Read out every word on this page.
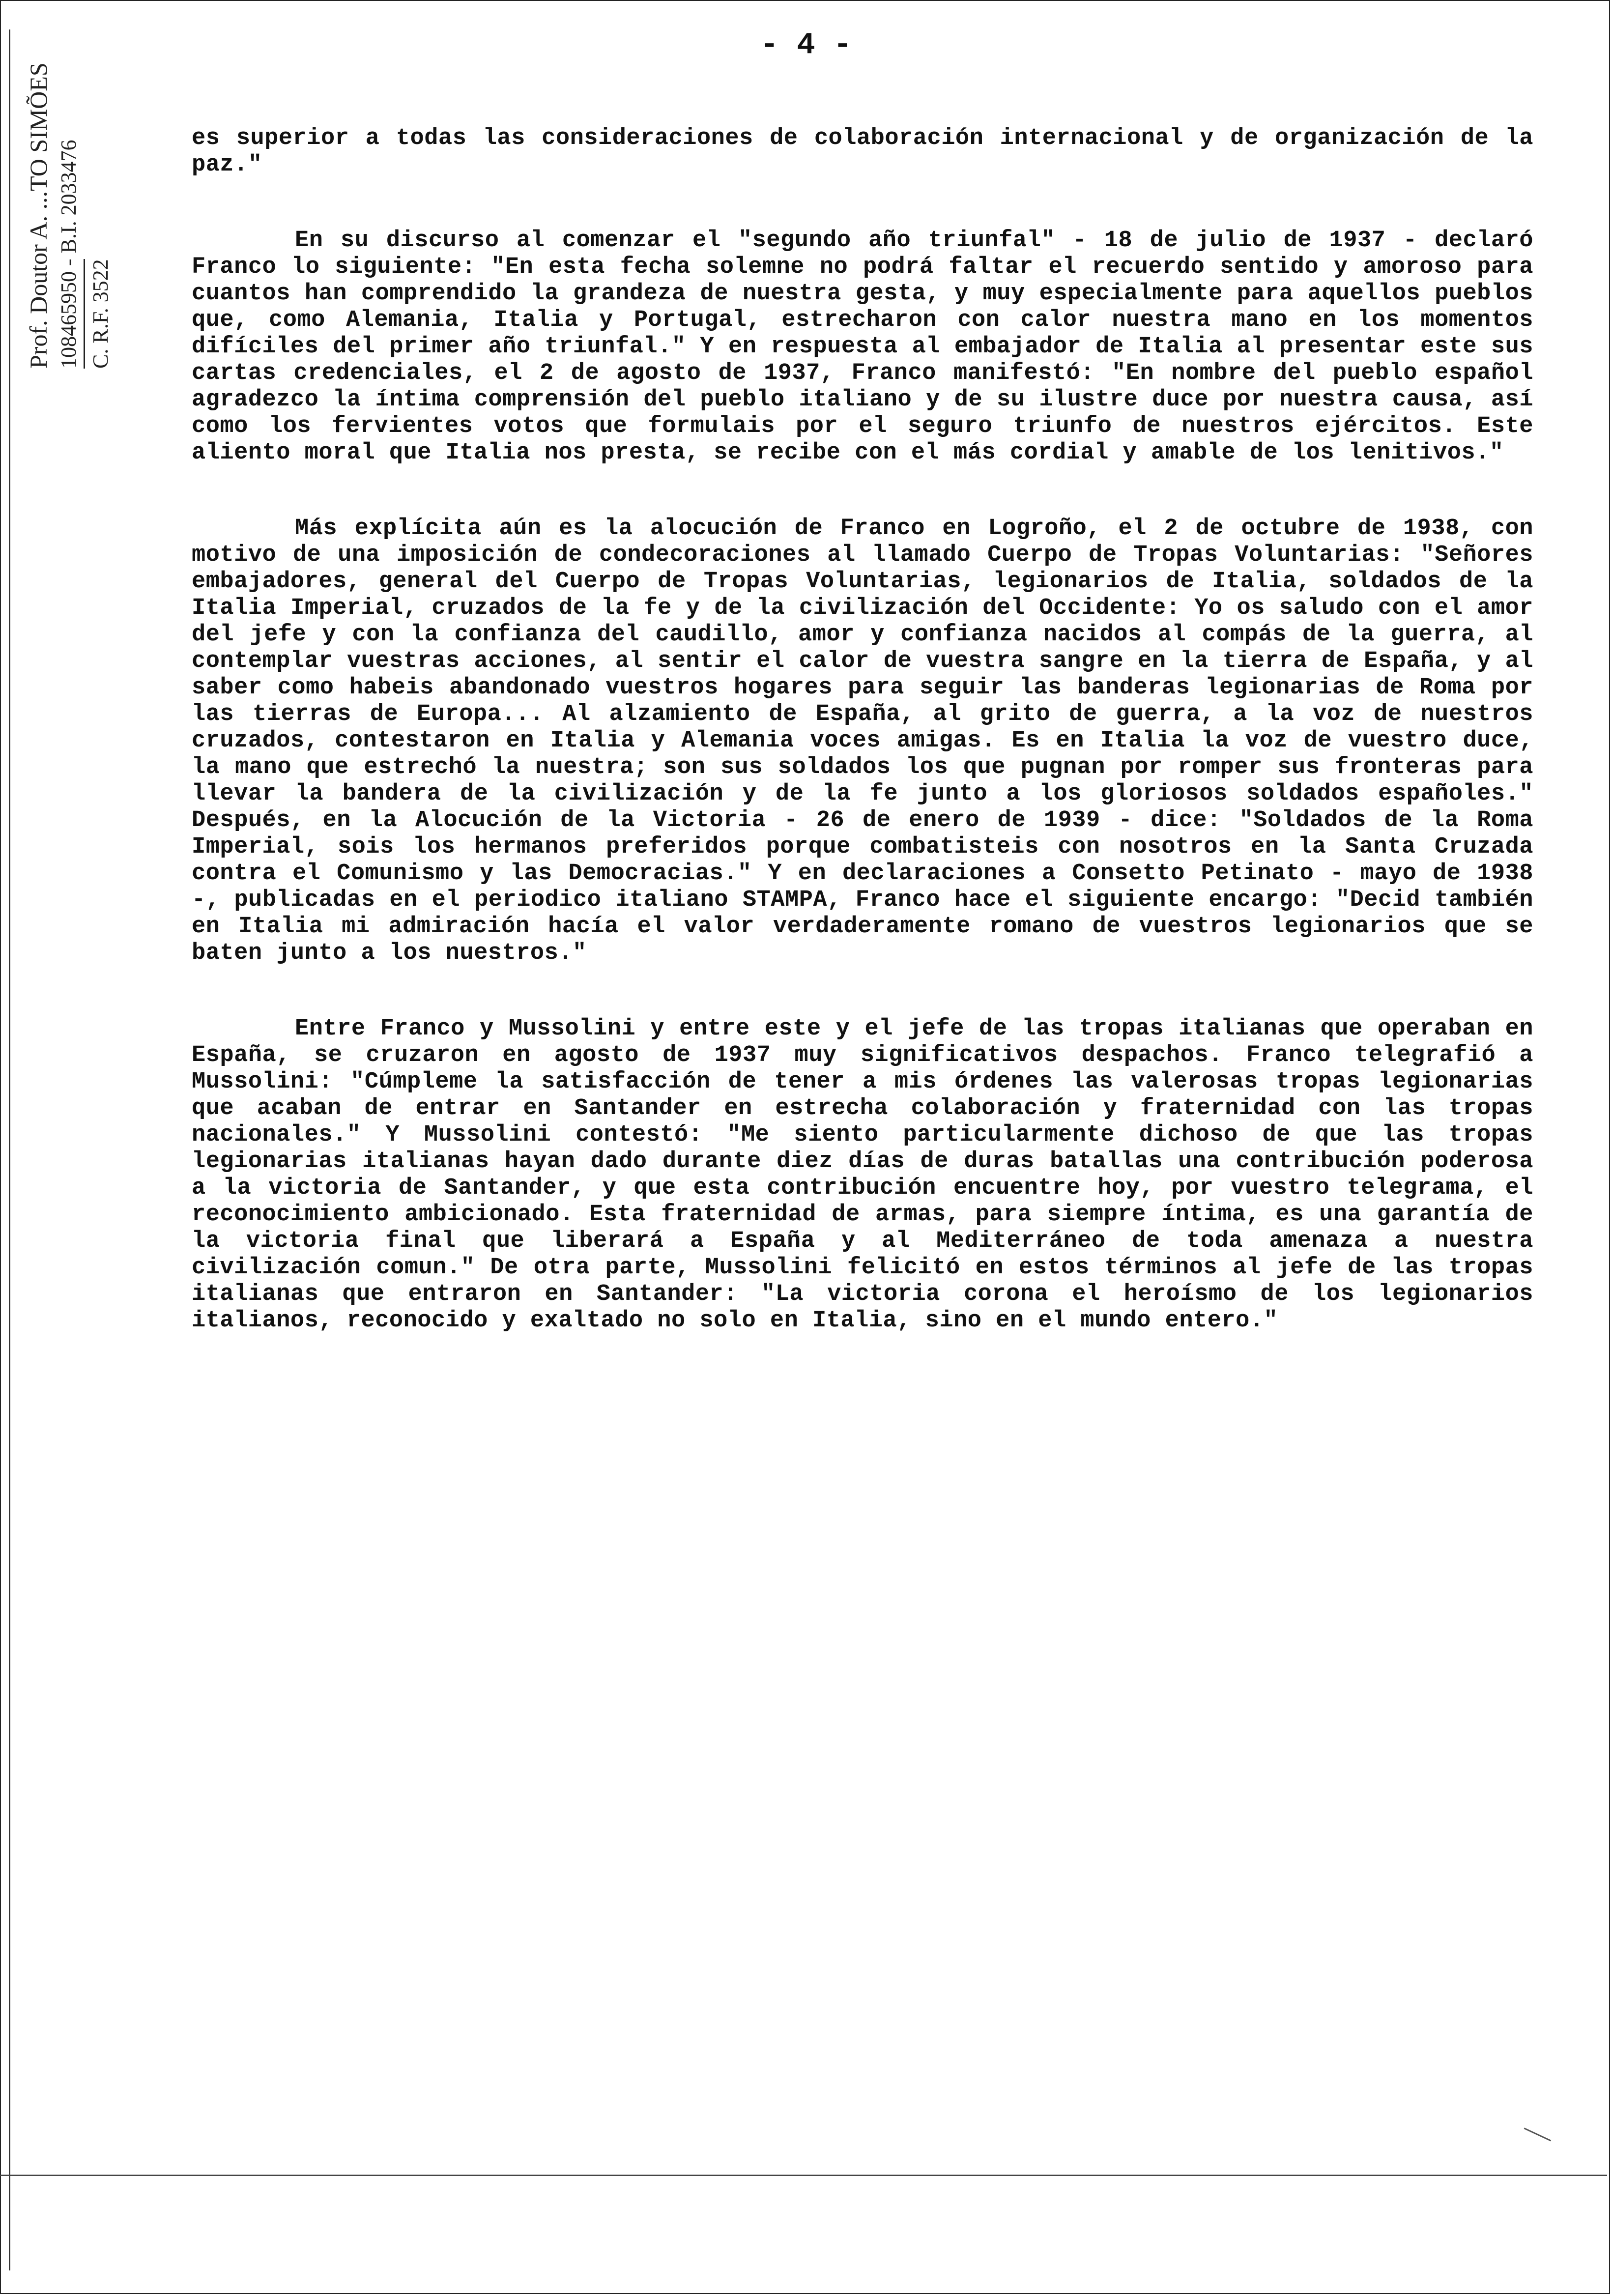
Prof. Doutor A. ...TO SIMÕES 108465950 - B.I. 2033476 C. R.F. 3522
- 4 -

es superior a todas las consideraciones de colaboración internacional y de organización de la paz."

En su discurso al comenzar el "segundo año triunfal" - 18 de julio de 1937 - declaró Franco lo siguiente: "En esta fecha solemne no podrá faltar el recuerdo sentido y amoroso para cuantos han comprendido la grandeza de nuestra gesta, y muy especialmente para aquellos pueblos que, como Alemania, Italia y Portugal, estrecharon con calor nuestra mano en los momentos difíciles del primer año triunfal." Y en respuesta al embajador de Italia al presentar este sus cartas credenciales, el 2 de agosto de 1937, Franco manifestó: "En nombre del pueblo español agradezco la íntima comprensión del pueblo italiano y de su ilustre duce por nuestra causa, así como los fervientes votos que formulais por el seguro triunfo de nuestros ejércitos. Este aliento moral que Italia nos presta, se recibe con el más cordial y amable de los lenitivos."

Más explícita aún es la alocución de Franco en Logroño, el 2 de octubre de 1938, con motivo de una imposición de condecoraciones al llamado Cuerpo de Tropas Voluntarias: "Señores embajadores, general del Cuerpo de Tropas Voluntarias, legionarios de Italia, soldados de la Italia Imperial, cruzados de la fe y de la civilización del Occidente: Yo os saludo con el amor del jefe y con la confianza del caudillo, amor y confianza nacidos al compás de la guerra, al contemplar vuestras acciones, al sentir el calor de vuestra sangre en la tierra de España, y al saber como habeis abandonado vuestros hogares para seguir las banderas legionarias de Roma por las tierras de Europa... Al alzamiento de España, al grito de guerra, a la voz de nuestros cruzados, contestaron en Italia y Alemania voces amigas. Es en Italia la voz de vuestro duce, la mano que estrechó la nuestra; son sus soldados los que pugnan por romper sus fronteras para llevar la bandera de la civilización y de la fe junto a los gloriosos soldados españoles." Después, en la Alocución de la Victoria - 26 de enero de 1939 - dice: "Soldados de la Roma Imperial, sois los hermanos preferidos porque combatisteis con nosotros en la Santa Cruzada contra el Comunismo y las Democracias." Y en declaraciones a Consetto Petinato - mayo de 1938 -, publicadas en el periodico italiano STAMPA, Franco hace el siguiente encargo: "Decid también en Italia mi admiración hacía el valor verdaderamente romano de vuestros legionarios que se baten junto a los nuestros."

Entre Franco y Mussolini y entre este y el jefe de las tropas italianas que operaban en España, se cruzaron en agosto de 1937 muy significativos despachos. Franco telegrafió a Mussolini: "Cúmpleme la satisfacción de tener a mis órdenes las valerosas tropas legionarias que acaban de entrar en Santander en estrecha colaboración y fraternidad con las tropas nacionales." Y Mussolini contestó: "Me siento particularmente dichoso de que las tropas legionarias italianas hayan dado durante diez días de duras batallas una contribución poderosa a la victoria de Santander, y que esta contribución encuentre hoy, por vuestro telegrama, el reconocimiento ambicionado. Esta fraternidad de armas, para siempre íntima, es una garantía de la victoria final que liberará a España y al Mediterráneo de toda amenaza a nuestra civilización comun." De otra parte, Mussolini felicitó en estos términos al jefe de las tropas italianas que entraron en Santander: "La victoria corona el heroísmo de los legionarios italianos, reconocido y exaltado no solo en Italia, sino en el mundo entero."
